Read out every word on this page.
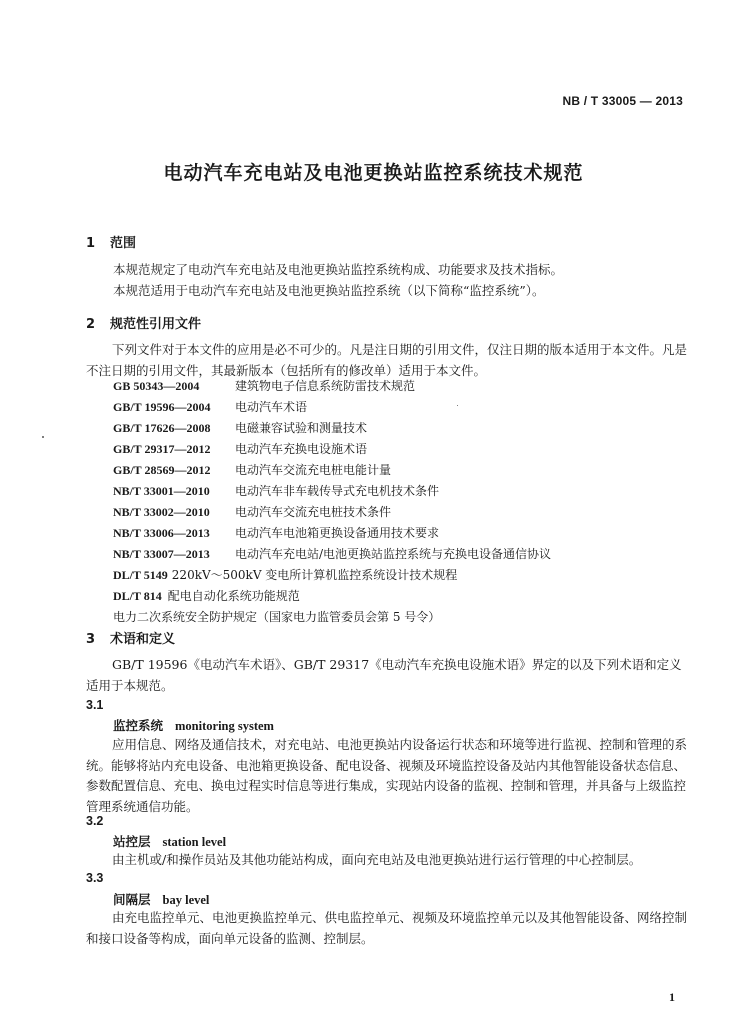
NB / T 33005 — 2013
电动汽车充电站及电池更换站监控系统技术规范
1 范围
本规范规定了电动汽车充电站及电池更换站监控系统构成、功能要求及技术指标。
本规范适用于电动汽车充电站及电池更换站监控系统（以下简称“监控系统”）。
2 规范性引用文件
下列文件对于本文件的应用是必不可少的。凡是注日期的引用文件，仅注日期的版本适用于本文件。凡是不注日期的引用文件，其最新版本（包括所有的修改单）适用于本文件。
GB 50343—2004	建筑物电子信息系统防雷技术规范
GB/T 19596—2004 电动汽车术语
GB/T 17626—2008 电磁兼容试验和测量技术
GB/T 29317—2012 电动汽车充换电设施术语
GB/T 28569—2012 电动汽车交流充电桩电能计量
NB/T 33001—2010 电动汽车非车载传导式充电机技术条件
NB/T 33002—2010 电动汽车交流充电桩技术条件
NB/T 33006—2013 电动汽车电池箱更换设备通用技术要求
NB/T 33007—2013 电动汽车充电站/电池更换站监控系统与充换电设备通信协议
DL/T 5149 220kV～500kV 变电所计算机监控系统设计技术规程
DL/T 814 配电自动化系统功能规范
电力二次系统安全防护规定（国家电力监管委员会第 5 号令）
3 术语和定义
GB/T 19596《电动汽车术语》、GB/T 29317《电动汽车充换电设施术语》界定的以及下列术语和定义适用于本规范。
3.1
监控系统 monitoring system
应用信息、网络及通信技术，对充电站、电池更换站内设备运行状态和环境等进行监视、控制和管理的系统。能够将站内充电设备、电池箱更换设备、配电设备、视频及环境监控设备及站内其他智能设备状态信息、参数配置信息、充电、换电过程实时信息等进行集成，实现站内设备的监视、控制和管理，并具备与上级监控管理系统通信功能。
3.2
站控层 station level
由主机或/和操作员站及其他功能站构成，面向充电站及电池更换站进行运行管理的中心控制层。
3.3
间隔层 bay level
由充电监控单元、电池更换监控单元、供电监控单元、视频及环境监控单元以及其他智能设备、网络控制和接口设备等构成，面向单元设备的监测、控制层。
1
